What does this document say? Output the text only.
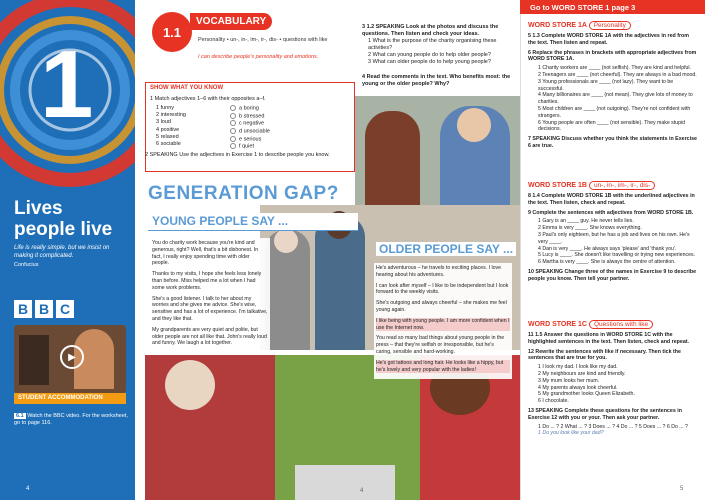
1
Lives people live
Life is really simple, but we insist on making it complicated.
Confucius
B B C
▶
STUDENT ACCOMMODATION
6.1 Watch the BBC video. For the worksheet, go to page 116.
4
1.1
VOCABULARY
Personality • un-, in-, im-, ir-, dis- • questions with like
I can describe people's personality and emotions.
SHOW WHAT YOU KNOW
1 Match adjectives 1–6 with their opposites a–f.
1 funny
2 interesting
3 loud
4 positive
5 relaxed
6 sociable
a boring
b stressed
c negative
d unsociable
e serious
f quiet
2 SPEAKING Use the adjectives in Exercise 1 to describe people you know.
3 1.2 SPEAKING Look at the photos and discuss the questions. Then listen and check your ideas.
1 What is the purpose of the charity organising these activities?
2 What can young people do to help older people?
3 What can older people do to help young people?
4 Read the comments in the text. Who benefits most: the young or the older people? Why?
GENERATION GAP?
YOUNG PEOPLE SAY ...
OLDER PEOPLE SAY ...

You do charity work because you're kind and generous, right? Well, that's a bit dishonest. In fact, I really enjoy spending time with older people.

Thanks to my visits, I hope she feels less lonely than before. Miss helped me a lot when I had some work problems.

She's a good listener. I talk to her about my worries and she gives me advice. She's wise, sensitive and has a lot of experience. I'm talkative, and they like that.

My grandparents are very quiet and polite, but older people are not all like that. John's really loud and funny. We laugh a lot together.

He's adventurous – he travels to exciting places. I love hearing about his adventures.

I can look after myself – I like to be independent but I look forward to the weekly visits.

She's outgoing and always cheerful – she makes me feel young again.

I like being with young people. I am more confident when I use the Internet now.

You read so many bad things about young people in the press – that they're selfish or irresponsible, but he's caring, sensible and hard-working.

He's got tattoos and long hair. He looks like a hippy, but he's lovely and very popular with the ladies!

4
Go to WORD STORE 1 page 3
WORD STORE 1A Personality
5 1.3 Complete WORD STORE 1A with the adjectives in red from the text. Then listen and repeat.
6 Replace the phrases in brackets with appropriate adjectives from WORD STORE 1A.
1 Charity workers are ____ (not selfish). They are kind and helpful.
2 Teenagers are ____ (not cheerful). They are always in a bad mood.
3 Young professionals are ____ (not lazy). They want to be successful.
4 Many billionaires are ____ (not mean). They give lots of money to charities.
5 Most children are ____ (not outgoing). They're not confident with strangers.
6 Young people are often ____ (not sensible). They make stupid decisions.
7 SPEAKING Discuss whether you think the statements in Exercise 6 are true.
WORD STORE 1B un-, in-, im-, ir-, dis-
8 1.4 Complete WORD STORE 1B with the underlined adjectives in the text. Then listen, check and repeat.
9 Complete the sentences with adjectives from WORD STORE 1B.
1 Gary is an ____ guy. He never tells lies.
2 Emma is very ____. She knows everything.
3 Paul's only eighteen, but he has a job and lives on his own. He's very ____.
4 Dan is very ____. He always says 'please' and 'thank you'.
5 Lucy is ____. She doesn't like travelling or trying new experiences.
6 Martha is very ____. She is always the centre of attention.
10 SPEAKING Change three of the names in Exercise 9 to describe people you know. Then tell your partner.
WORD STORE 1C Questions with like
11 1.5 Answer the questions in WORD STORE 1C with the highlighted sentences in the text. Then listen, check and repeat.
12 Rewrite the sentences with like if necessary. Then tick the sentences that are true for you.
1 I look my dad. I look like my dad.
2 My neighbours are kind and friendly.
3 My mum looks her mum.
4 My parents always look cheerful.
5 My grandmother looks Queen Elizabeth.
6 I chocolate.
13 SPEAKING Complete these questions for the sentences in Exercise 12 with you or your. Then ask your partner.
1 Do ... ? 2 What ... ? 3 Does ... ? 4 Do ... ? 5 Does ... ? 6 Do ... ?
1 Do you look like your dad?
5
